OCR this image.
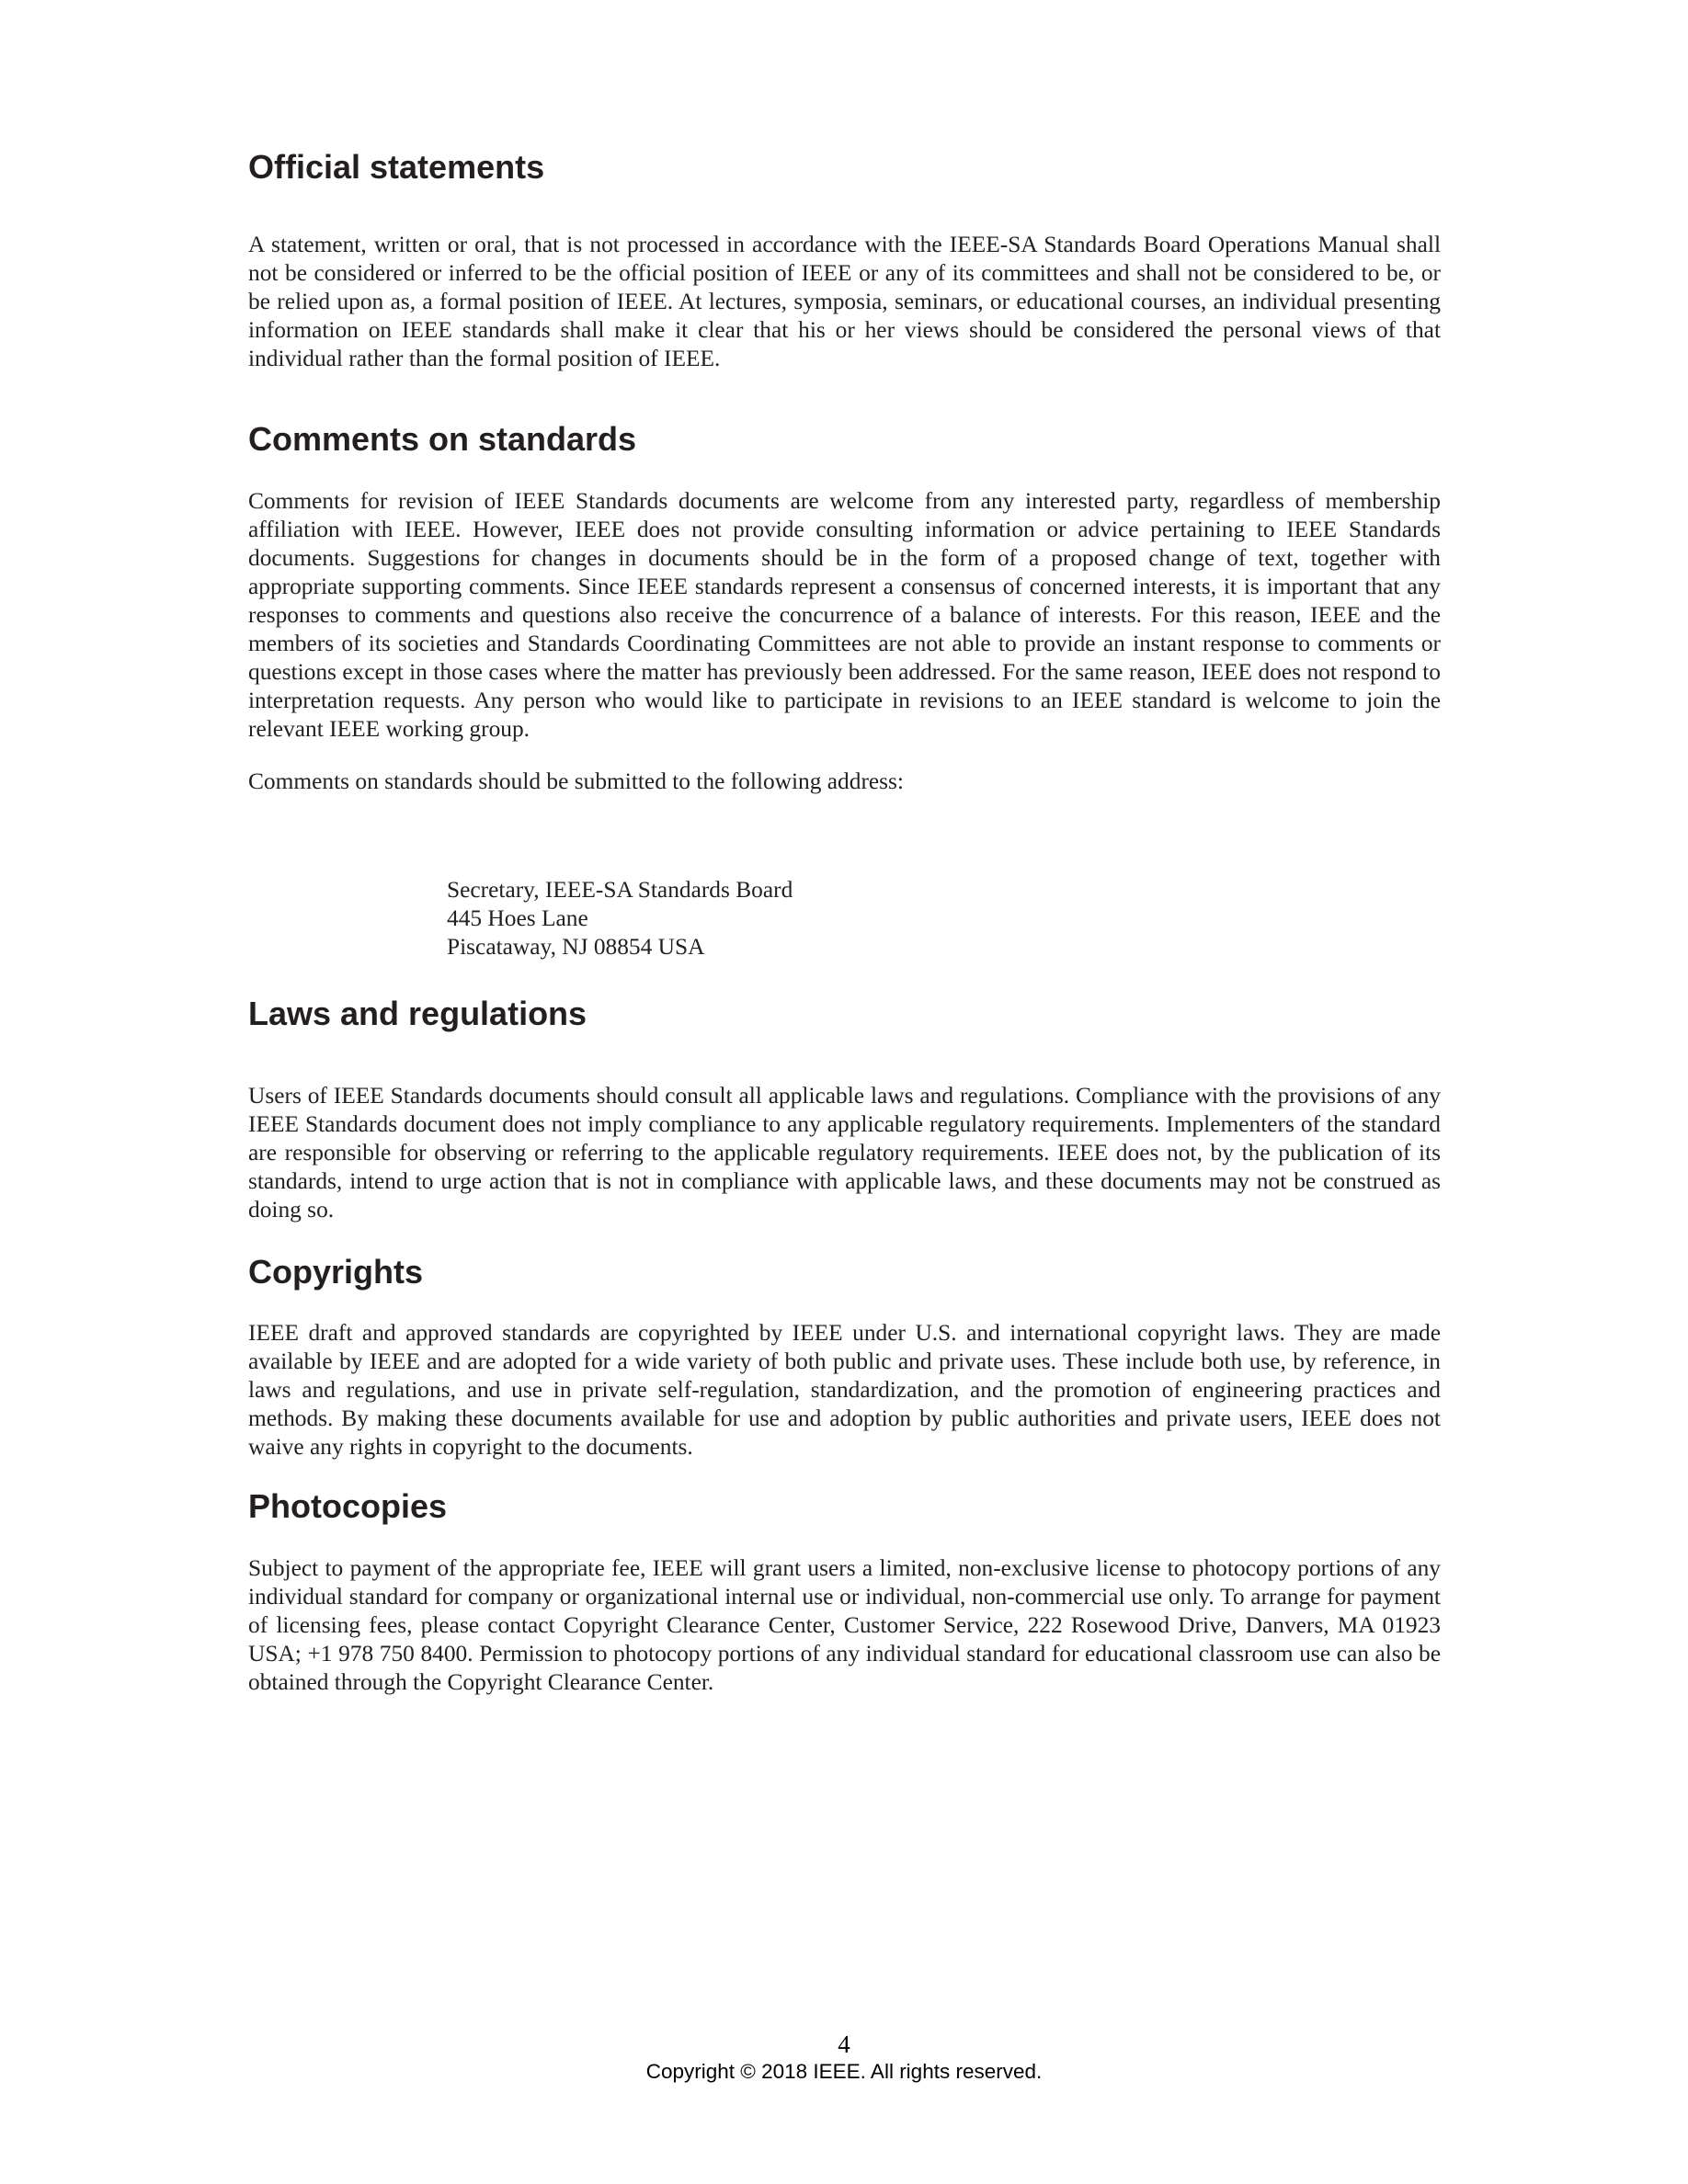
Official statements

A statement, written or oral, that is not processed in accordance with the IEEE-SA Standards Board Operations Manual shall not be considered or inferred to be the official position of IEEE or any of its committees and shall not be considered to be, or be relied upon as, a formal position of IEEE. At lectures, symposia, seminars, or educational courses, an individual presenting information on IEEE standards shall make it clear that his or her views should be considered the personal views of that individual rather than the formal position of IEEE.

Comments on standards

Comments for revision of IEEE Standards documents are welcome from any interested party, regardless of membership affiliation with IEEE. However, IEEE does not provide consulting information or advice pertaining to IEEE Standards documents. Suggestions for changes in documents should be in the form of a proposed change of text, together with appropriate supporting comments. Since IEEE standards represent a consensus of concerned interests, it is important that any responses to comments and questions also receive the concurrence of a balance of interests. For this reason, IEEE and the members of its societies and Standards Coordinating Committees are not able to provide an instant response to comments or questions except in those cases where the matter has previously been addressed. For the same reason, IEEE does not respond to interpretation requests. Any person who would like to participate in revisions to an IEEE standard is welcome to join the relevant IEEE working group.

Comments on standards should be submitted to the following address:

Secretary, IEEE-SA Standards Board
445 Hoes Lane
Piscataway, NJ 08854 USA
Laws and regulations

Users of IEEE Standards documents should consult all applicable laws and regulations. Compliance with the provisions of any IEEE Standards document does not imply compliance to any applicable regulatory requirements. Implementers of the standard are responsible for observing or referring to the applicable regulatory requirements. IEEE does not, by the publication of its standards, intend to urge action that is not in compliance with applicable laws, and these documents may not be construed as doing so.

Copyrights

IEEE draft and approved standards are copyrighted by IEEE under U.S. and international copyright laws. They are made available by IEEE and are adopted for a wide variety of both public and private uses. These include both use, by reference, in laws and regulations, and use in private self-regulation, standardization, and the promotion of engineering practices and methods. By making these documents available for use and adoption by public authorities and private users, IEEE does not waive any rights in copyright to the documents.

Photocopies

Subject to payment of the appropriate fee, IEEE will grant users a limited, non-exclusive license to photocopy portions of any individual standard for company or organizational internal use or individual, non-commercial use only. To arrange for payment of licensing fees, please contact Copyright Clearance Center, Customer Service, 222 Rosewood Drive, Danvers, MA 01923 USA; +1 978 750 8400. Permission to photocopy portions of any individual standard for educational classroom use can also be obtained through the Copyright Clearance Center.

4
Copyright © 2018 IEEE. All rights reserved.
